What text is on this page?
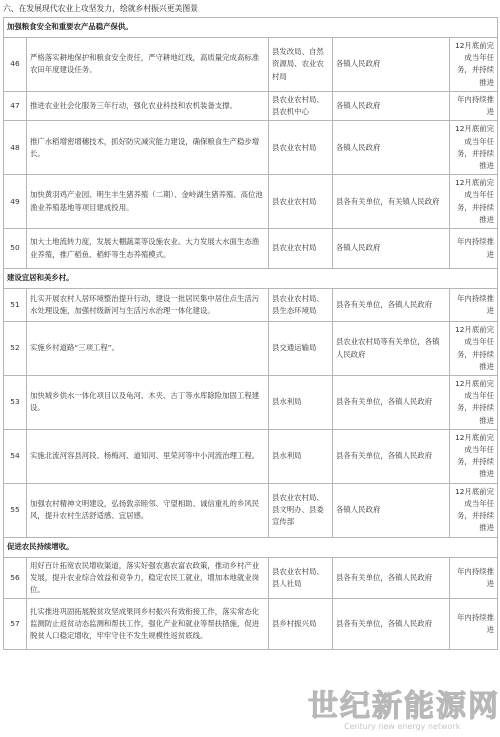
六、在发展现代农业上攻坚发力，绘就乡村振兴更美图景
加强粮食安全和重要农产品稳产保供。				
46	严格落实耕地保护和粮食安全责任，严守耕地红线，高质量完成高标准农田年度建设任务。	县发改局、自然资源局、农业农村局	各镇人民政府	12月底前完成当年任务，并持续推进
47	推进农业社会化服务三年行动，强化农业科技和农机装备支撑。	县农业农村局、县农机中心	各镇人民政府	年内持续推进
48	推广水稻增密增穗技术，抓好防灾减灾能力建设，确保粮食生产稳步增长。	县农业农村局	各镇人民政府	12月底前完成当年任务，并持续推进
49	加快黄羽鸡产业园、明生丰生猪养殖（二期）、金岭湖生猪养殖、高位池渔业养殖基地等项目建成投用。	县农业农村局	县各有关单位，有关镇人民政府	12月底前完成当年任务，并持续推进
50	加大土地流转力度，发展大棚蔬菜等设施农业。大力发展大水面生态渔业养殖，推广稻鱼、稻虾等生态养殖模式。	县农业农村局	各镇人民政府	年内持续推进
建设宜居和美乡村。				
51	扎实开展农村人居环境整治提升行动，建设一批居民集中居住点生活污水处理设施，加强村级新河与生活污水治理一体化建设。	县农业农村局、县生态环境局	县各有关单位，各镇人民政府	年内持续推进
52	实施乡村道路“三项工程”。	县交通运输局	县农业农村局等有关单位，各镇人民政府	12月底前完成当年任务，并持续推进
53	加快城乡供水一体化项目以及龟河、木夹、古丁等水库除险加固工程建设。	县水利局	县各有关单位，各镇人民政府	12月底前完成当年任务，并持续推进
54	实施北流河容县河段、杨梅河、道知河、里荣河等中小河流治理工程。	县水利局	县各有关单位，各镇人民政府	12月底前完成当年任务，并持续推进
55	加强农村精神文明建设，弘扬敦亲睦邻、守望相助、诚信重礼的乡风民风，提升农村生活舒适感、宜居感。	县农业农村局、县文明办、县委宣传部	各镇人民政府	12月底前完成当年任务，并持续推进
促进农民持续增收。				
56	用好百计拓宽农民增收渠道，落实好强农惠农富农政策，推动乡村产业发展，提升农业综合效益和竞争力，稳定农民工就业，增加本地就业岗位。	县农业农村局、县人社局	县各有关单位，各镇人民政府	年内持续推进
57	扎实推进巩固拓展脱贫攻坚成果同乡村振兴有效衔接工作，落实常态化监测防止返贫动态监测和帮扶工作，强化产业和就业等帮扶措施，促进脱贫人口稳定增收，牢牢守住不发生规模性返贫底线。	县乡村振兴局	县各有关单位，各镇人民政府	年内持续推进
世纪新能源网
Century new energy network
